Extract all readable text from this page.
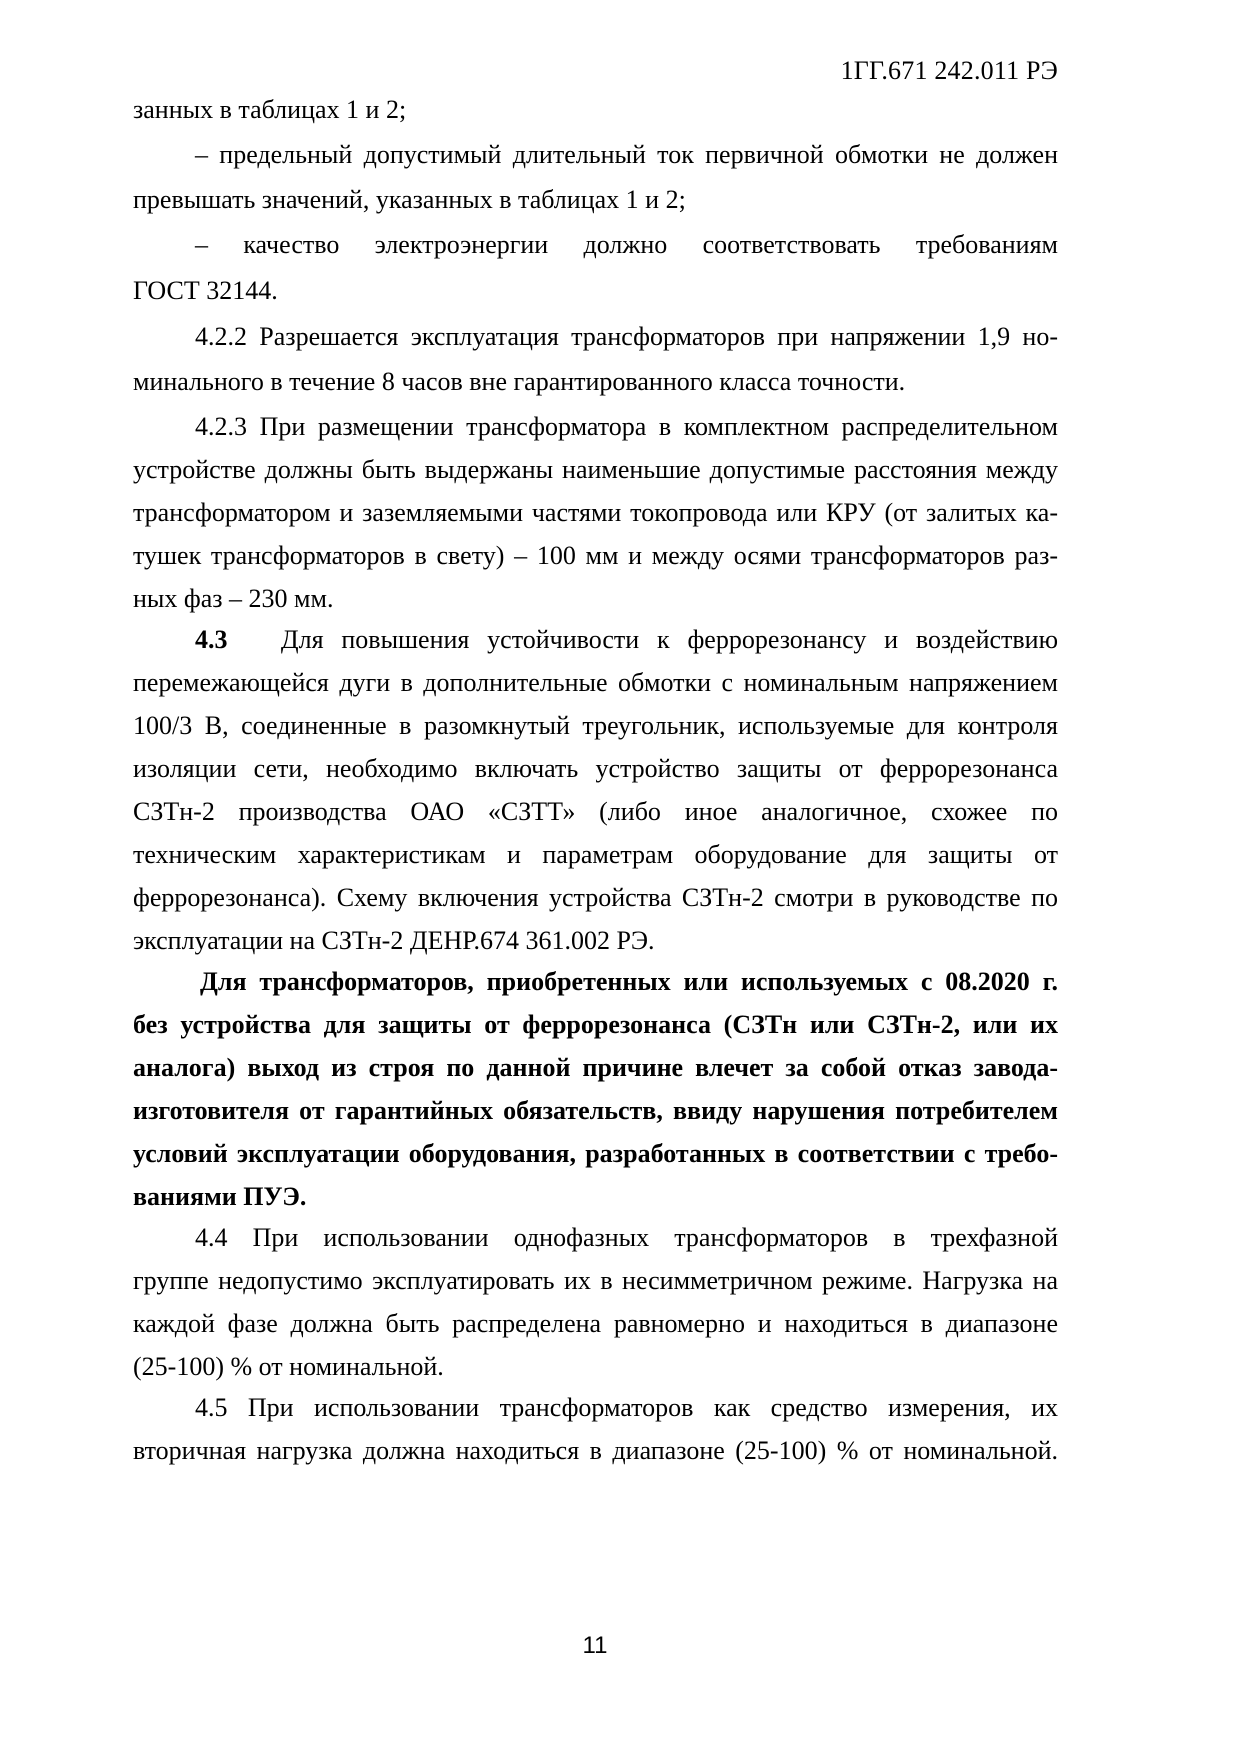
1ГГ.671 242.011 РЭ
занных в таблицах 1 и 2;
– предельный допустимый длительный ток первичной обмотки не должен
превышать значений, указанных в таблицах 1 и 2;
– качество электроэнергии должно соответствовать требованиям
ГОСТ 32144.
4.2.2 Разрешается эксплуатация трансформаторов при напряжении 1,9 но-
минального в течение 8 часов вне гарантированного класса точности.
4.2.3 При размещении трансформатора в комплектном распределительном
устройстве должны быть выдержаны наименьшие допустимые расстояния между
трансформатором и заземляемыми частями токопровода или КРУ (от залитых ка-
тушек трансформаторов в свету) – 100 мм и между осями трансформаторов раз-
ных фаз – 230 мм.
4.3   Для повышения устойчивости к феррорезонансу и воздействию
перемежающейся дуги в дополнительные обмотки с номинальным напряжением
100/3 В, соединенные в разомкнутый треугольник, используемые для контроля
изоляции сети, необходимо включать устройство защиты от феррорезонанса
СЗТн-2 производства ОАО «СЗТТ» (либо иное аналогичное, схожее по
техническим характеристикам и параметрам оборудование для защиты от
феррорезонанса). Схему включения устройства СЗТн-2 смотри в руководстве по
эксплуатации на СЗТн-2 ДЕНР.674 361.002 РЭ.
Для трансформаторов, приобретенных или используемых с 08.2020 г.
без устройства для защиты от феррорезонанса (СЗТн или СЗТн-2, или их
аналога) выход из строя по данной причине влечет за собой отказ завода-
изготовителя от гарантийных обязательств, ввиду нарушения потребителем
условий эксплуатации оборудования, разработанных в соответствии с требо-
ваниями ПУЭ.
4.4 При использовании однофазных трансформаторов в трехфазной
группе недопустимо эксплуатировать их в несимметричном режиме. Нагрузка на
каждой фазе должна быть распределена равномерно и находиться в диапазоне
(25-100) % от номинальной.
4.5 При использовании трансформаторов как средство измерения, их
вторичная нагрузка должна находиться в диапазоне (25-100) % от номинальной.
11
